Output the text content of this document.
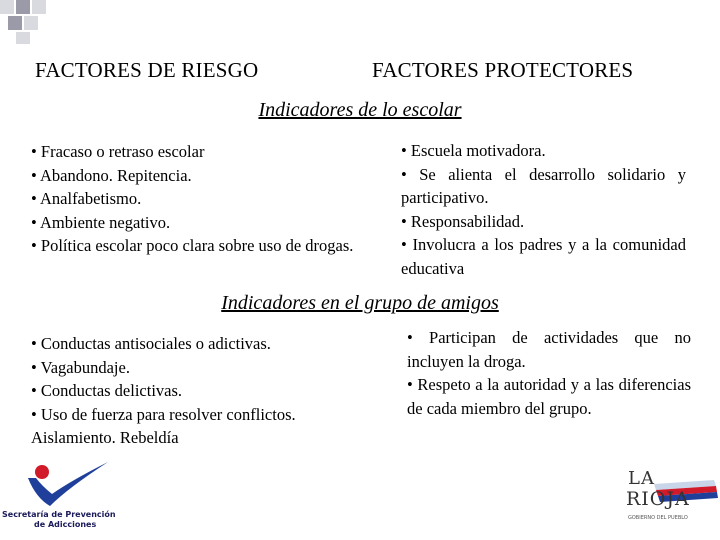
FACTORES DE RIESGO	FACTORES PROTECTORES
Indicadores de lo escolar
• Fracaso o retraso escolar
• Abandono. Repitencia.
• Analfabetismo.
• Ambiente negativo.
• Política escolar poco clara sobre uso de drogas.
• Escuela motivadora.
• Se alienta el desarrollo solidario y participativo.
• Responsabilidad.
• Involucra a los padres y a la comunidad educativa
Indicadores en el grupo de amigos
• Conductas antisociales o adictivas.
• Vagabundaje.
• Conductas delictivas.
• Uso de fuerza para resolver conflictos.
Aislamiento. Rebeldía
• Participan de actividades que no incluyen la droga.
• Respeto a la autoridad y a las diferencias de cada miembro del grupo.
Secretaría de Prevención
de Adicciones
LA
RIOJA
GOBIERNO DEL PUEBLO
